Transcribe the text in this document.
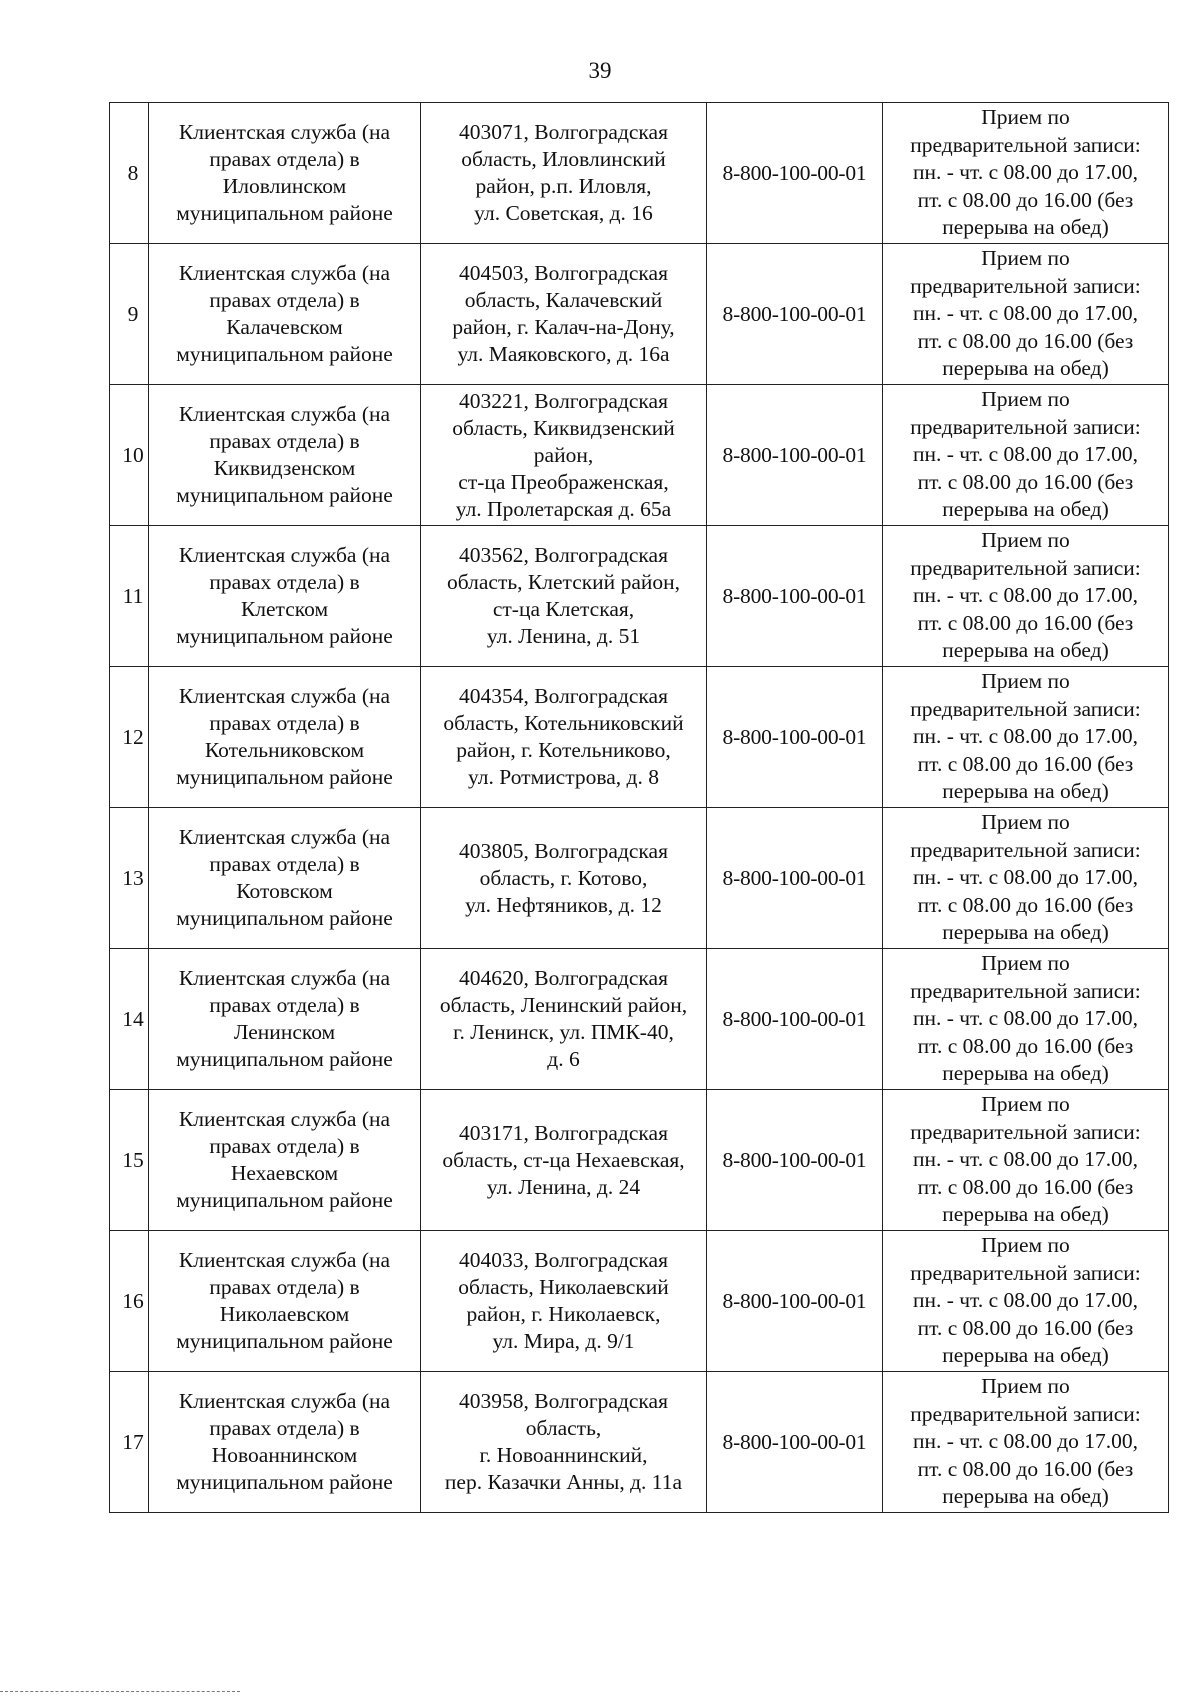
39
8	Клиентская служба (на
правах отдела) в
Иловлинском
муниципальном районе	403071, Волгоградская
область, Иловлинский
район, р.п. Иловля,
ул. Советская, д. 16	8-800-100-00-01	Прием по
предварительной записи:
пн. - чт. с 08.00 до 17.00,
пт. с 08.00 до 16.00 (без
перерыва на обед)

9	Клиентская служба (на
правах отдела) в
Калачевском
муниципальном районе	404503, Волгоградская
область, Калачевский
район, г. Калач-на-Дону,
ул. Маяковского, д. 16а	8-800-100-00-01	Прием по
предварительной записи:
пн. - чт. с 08.00 до 17.00,
пт. с 08.00 до 16.00 (без
перерыва на обед)

10	Клиентская служба (на
правах отдела) в
Киквидзенском
муниципальном районе	403221, Волгоградская
область, Киквидзенский
район,
ст-ца Преображенская,
ул. Пролетарская д. 65а	8-800-100-00-01	Прием по
предварительной записи:
пн. - чт. с 08.00 до 17.00,
пт. с 08.00 до 16.00 (без
перерыва на обед)

11	Клиентская служба (на
правах отдела) в
Клетском
муниципальном районе	403562, Волгоградская
область, Клетский район,
ст-ца Клетская,
ул. Ленина, д. 51	8-800-100-00-01	Прием по
предварительной записи:
пн. - чт. с 08.00 до 17.00,
пт. с 08.00 до 16.00 (без
перерыва на обед)

12	Клиентская служба (на
правах отдела) в
Котельниковском
муниципальном районе	404354, Волгоградская
область, Котельниковский
район, г. Котельниково,
ул. Ротмистрова, д. 8	8-800-100-00-01	Прием по
предварительной записи:
пн. - чт. с 08.00 до 17.00,
пт. с 08.00 до 16.00 (без
перерыва на обед)

13	Клиентская служба (на
правах отдела) в
Котовском
муниципальном районе	403805, Волгоградская
область, г. Котово,
ул. Нефтяников, д. 12	8-800-100-00-01	Прием по
предварительной записи:
пн. - чт. с 08.00 до 17.00,
пт. с 08.00 до 16.00 (без
перерыва на обед)

14	Клиентская служба (на
правах отдела) в
Ленинском
муниципальном районе	404620, Волгоградская
область, Ленинский район,
г. Ленинск, ул. ПМК-40,
д. 6	8-800-100-00-01	Прием по
предварительной записи:
пн. - чт. с 08.00 до 17.00,
пт. с 08.00 до 16.00 (без
перерыва на обед)

15	Клиентская служба (на
правах отдела) в
Нехаевском
муниципальном районе	403171, Волгоградская
область, ст-ца Нехаевская,
ул. Ленина, д. 24	8-800-100-00-01	Прием по
предварительной записи:
пн. - чт. с 08.00 до 17.00,
пт. с 08.00 до 16.00 (без
перерыва на обед)

16	Клиентская служба (на
правах отдела) в
Николаевском
муниципальном районе	404033, Волгоградская
область, Николаевский
район, г. Николаевск,
ул. Мира, д. 9/1	8-800-100-00-01	Прием по
предварительной записи:
пн. - чт. с 08.00 до 17.00,
пт. с 08.00 до 16.00 (без
перерыва на обед)

17	Клиентская служба (на
правах отдела) в
Новоаннинском
муниципальном районе	403958, Волгоградская
область,
г. Новоаннинский,
пер. Казачки Анны, д. 11а	8-800-100-00-01	Прием по
предварительной записи:
пн. - чт. с 08.00 до 17.00,
пт. с 08.00 до 16.00 (без
перерыва на обед)
